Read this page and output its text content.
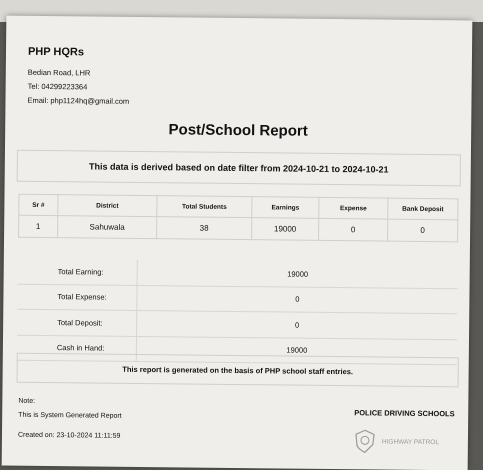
PHP HQRs
Bedian Road, LHR
Tel: 04299223364
Email: php1124hq@gmail.com
Post/School Report
This data is derived based on date filter from 2024-10-21 to 2024-10-21
Sr #	District	Total Students	Earnings	Expense	Bank Deposit
1	Sahuwala	38	19000	0	0
Total Earning:	19000
Total Expense:	0
Total Deposit:	0
Cash in Hand:	19000
This report is generated on the basis of PHP school staff entries.
Note:
This is System Generated Report
Created on: 23-10-2024 11:11:59
POLICE DRIVING SCHOOLS
HIGHWAY PATROL
